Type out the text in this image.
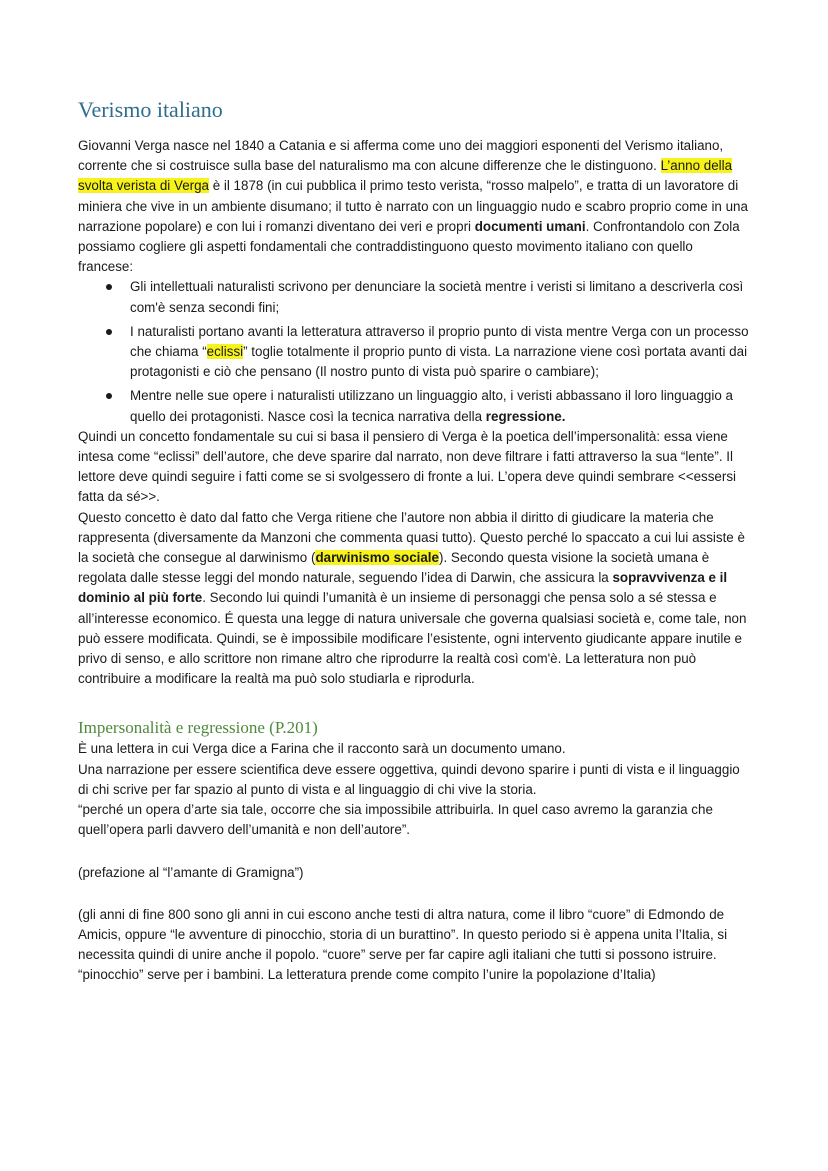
Verismo italiano

Giovanni Verga nasce nel 1840 a Catania e si afferma come uno dei maggiori esponenti del Verismo italiano, corrente che si costruisce sulla base del naturalismo ma con alcune differenze che le distinguono. L’anno della svolta verista di Verga è il 1878 (in cui pubblica il primo testo verista, “rosso malpelo”, e tratta di un lavoratore di miniera che vive in un ambiente disumano; il tutto è narrato con un linguaggio nudo e scabro proprio come in una narrazione popolare) e con lui i romanzi diventano dei veri e propri documenti umani. Confrontandolo con Zola possiamo cogliere gli aspetti fondamentali che contraddistinguono questo movimento italiano con quello francese:

Gli intellettuali naturalisti scrivono per denunciare la società mentre i veristi si limitano a descriverla così com'è senza secondi fini;
I naturalisti portano avanti la letteratura attraverso il proprio punto di vista mentre Verga con un processo che chiama “eclissi” toglie totalmente il proprio punto di vista. La narrazione viene così portata avanti dai protagonisti e ciò che pensano (Il nostro punto di vista può sparire o cambiare);
Mentre nelle sue opere i naturalisti utilizzano un linguaggio alto, i veristi abbassano il loro linguaggio a quello dei protagonisti. Nasce così la tecnica narrativa della regressione.

Quindi un concetto fondamentale su cui si basa il pensiero di Verga è la poetica dell’impersonalità: essa viene intesa come “eclissi” dell’autore, che deve sparire dal narrato, non deve filtrare i fatti attraverso la sua “lente”. Il lettore deve quindi seguire i fatti come se si svolgessero di fronte a lui. L’opera deve quindi sembrare <<essersi fatta da sé>>.

Questo concetto è dato dal fatto che Verga ritiene che l’autore non abbia il diritto di giudicare la materia che rappresenta (diversamente da Manzoni che commenta quasi tutto). Questo perché lo spaccato a cui lui assiste è la società che consegue al darwinismo (darwinismo sociale). Secondo questa visione la società umana è regolata dalle stesse leggi del mondo naturale, seguendo l’idea di Darwin, che assicura la sopravvivenza e il dominio al più forte. Secondo lui quindi l’umanità è un insieme di personaggi che pensa solo a sé stessa e all’interesse economico. É questa una legge di natura universale che governa qualsiasi società e, come tale, non può essere modificata. Quindi, se è impossibile modificare l’esistente, ogni intervento giudicante appare inutile e privo di senso, e allo scrittore non rimane altro che riprodurre la realtà così com'è. La letteratura non può contribuire a modificare la realtà ma può solo studiarla e riprodurla.

Impersonalità e regressione (P.201)

È una lettera in cui Verga dice a Farina che il racconto sarà un documento umano.

Una narrazione per essere scientifica deve essere oggettiva, quindi devono sparire i punti di vista e il linguaggio di chi scrive per far spazio al punto di vista e al linguaggio di chi vive la storia.

“perché un opera d’arte sia tale, occorre che sia impossibile attribuirla. In quel caso avremo la garanzia che quell’opera parli davvero dell’umanità e non dell’autore”.

(prefazione al “l’amante di Gramigna”)

(gli anni di fine 800 sono gli anni in cui escono anche testi di altra natura, come il libro “cuore” di Edmondo de Amicis, oppure “le avventure di pinocchio, storia di un burattino”. In questo periodo si è appena unita l’Italia, si necessita quindi di unire anche il popolo. “cuore” serve per far capire agli italiani che tutti si possono istruire. “pinocchio” serve per i bambini. La letteratura prende come compito l’unire la popolazione d’Italia)
